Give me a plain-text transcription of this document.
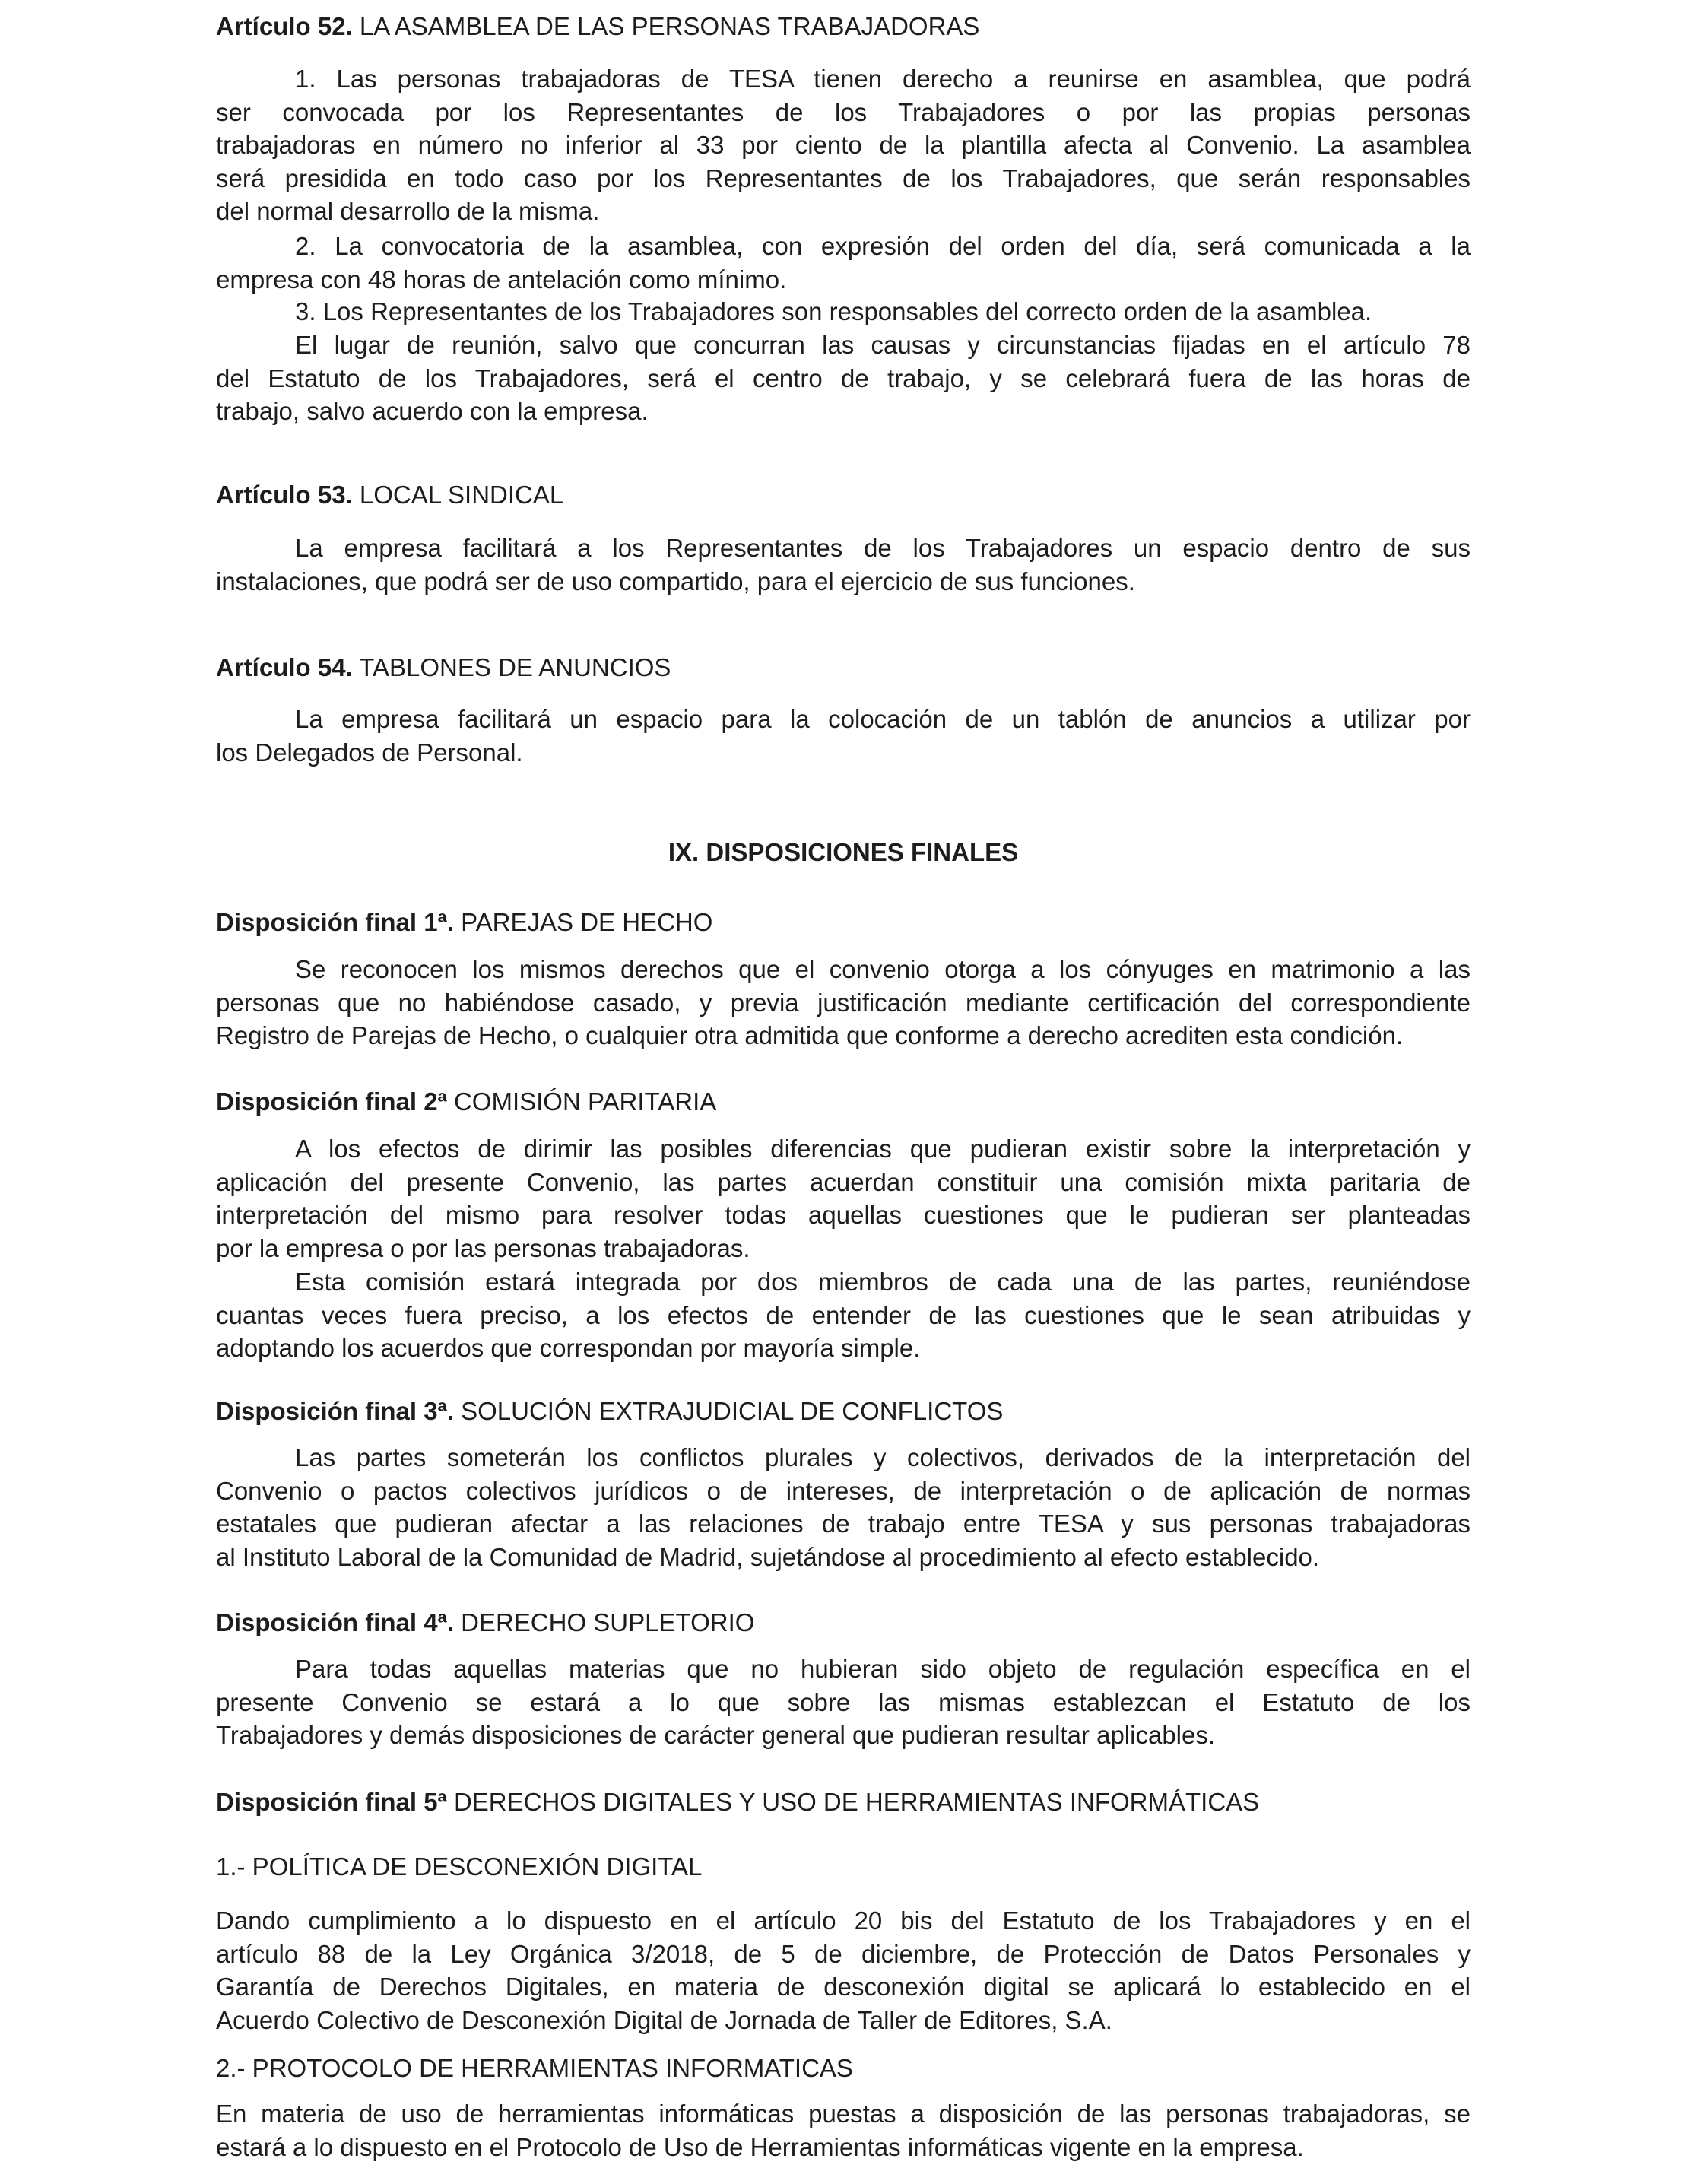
Artículo 52. LA ASAMBLEA DE LAS PERSONAS TRABAJADORAS
1. Las personas trabajadoras de TESA tienen derecho a reunirse en asamblea, que podrá
ser convocada por los Representantes de los Trabajadores o por las propias personas
trabajadoras en número no inferior al 33 por ciento de la plantilla afecta al Convenio. La asamblea
será presidida en todo caso por los Representantes de los Trabajadores, que serán responsables
del normal desarrollo de la misma.
2. La convocatoria de la asamblea, con expresión del orden del día, será comunicada a la
empresa con 48 horas de antelación como mínimo.
3. Los Representantes de los Trabajadores son responsables del correcto orden de la asamblea.
El lugar de reunión, salvo que concurran las causas y circunstancias fijadas en el artículo 78
del Estatuto de los Trabajadores, será el centro de trabajo, y se celebrará fuera de las horas de
trabajo, salvo acuerdo con la empresa.
Artículo 53. LOCAL SINDICAL
La empresa facilitará a los Representantes de los Trabajadores un espacio dentro de sus
instalaciones, que podrá ser de uso compartido, para el ejercicio de sus funciones.
Artículo 54. TABLONES DE ANUNCIOS
La empresa facilitará un espacio para la colocación de un tablón de anuncios a utilizar por
los Delegados de Personal.
IX. DISPOSICIONES FINALES
Disposición final 1ª. PAREJAS DE HECHO
Se reconocen los mismos derechos que el convenio otorga a los cónyuges en matrimonio a las
personas que no habiéndose casado, y previa justificación mediante certificación del correspondiente
Registro de Parejas de Hecho, o cualquier otra admitida que conforme a derecho acrediten esta condición.
Disposición final 2ª COMISIÓN PARITARIA
A los efectos de dirimir las posibles diferencias que pudieran existir sobre la interpretación y
aplicación del presente Convenio, las partes acuerdan constituir una comisión mixta paritaria de
interpretación del mismo para resolver todas aquellas cuestiones que le pudieran ser planteadas
por la empresa o por las personas trabajadoras.
Esta comisión estará integrada por dos miembros de cada una de las partes, reuniéndose
cuantas veces fuera preciso, a los efectos de entender de las cuestiones que le sean atribuidas y
adoptando los acuerdos que correspondan por mayoría simple.
Disposición final 3ª. SOLUCIÓN EXTRAJUDICIAL DE CONFLICTOS
Las partes someterán los conflictos plurales y colectivos, derivados de la interpretación del
Convenio o pactos colectivos jurídicos o de intereses, de interpretación o de aplicación de normas
estatales que pudieran afectar a las relaciones de trabajo entre TESA y sus personas trabajadoras
al Instituto Laboral de la Comunidad de Madrid, sujetándose al procedimiento al efecto establecido.
Disposición final 4ª. DERECHO SUPLETORIO
Para todas aquellas materias que no hubieran sido objeto de regulación específica en el
presente Convenio se estará a lo que sobre las mismas establezcan el Estatuto de los
Trabajadores y demás disposiciones de carácter general que pudieran resultar aplicables.
Disposición final 5ª DERECHOS DIGITALES Y USO DE HERRAMIENTAS INFORMÁTICAS
1.- POLÍTICA DE DESCONEXIÓN DIGITAL
Dando cumplimiento a lo dispuesto en el artículo 20 bis del Estatuto de los Trabajadores y en el
artículo 88 de la Ley Orgánica 3/2018, de 5 de diciembre, de Protección de Datos Personales y
Garantía de Derechos Digitales, en materia de desconexión digital se aplicará lo establecido en el
Acuerdo Colectivo de Desconexión Digital de Jornada de Taller de Editores, S.A.
2.- PROTOCOLO DE HERRAMIENTAS INFORMATICAS
En materia de uso de herramientas informáticas puestas a disposición de las personas trabajadoras, se
estará a lo dispuesto en el Protocolo de Uso de Herramientas informáticas vigente en la empresa.
